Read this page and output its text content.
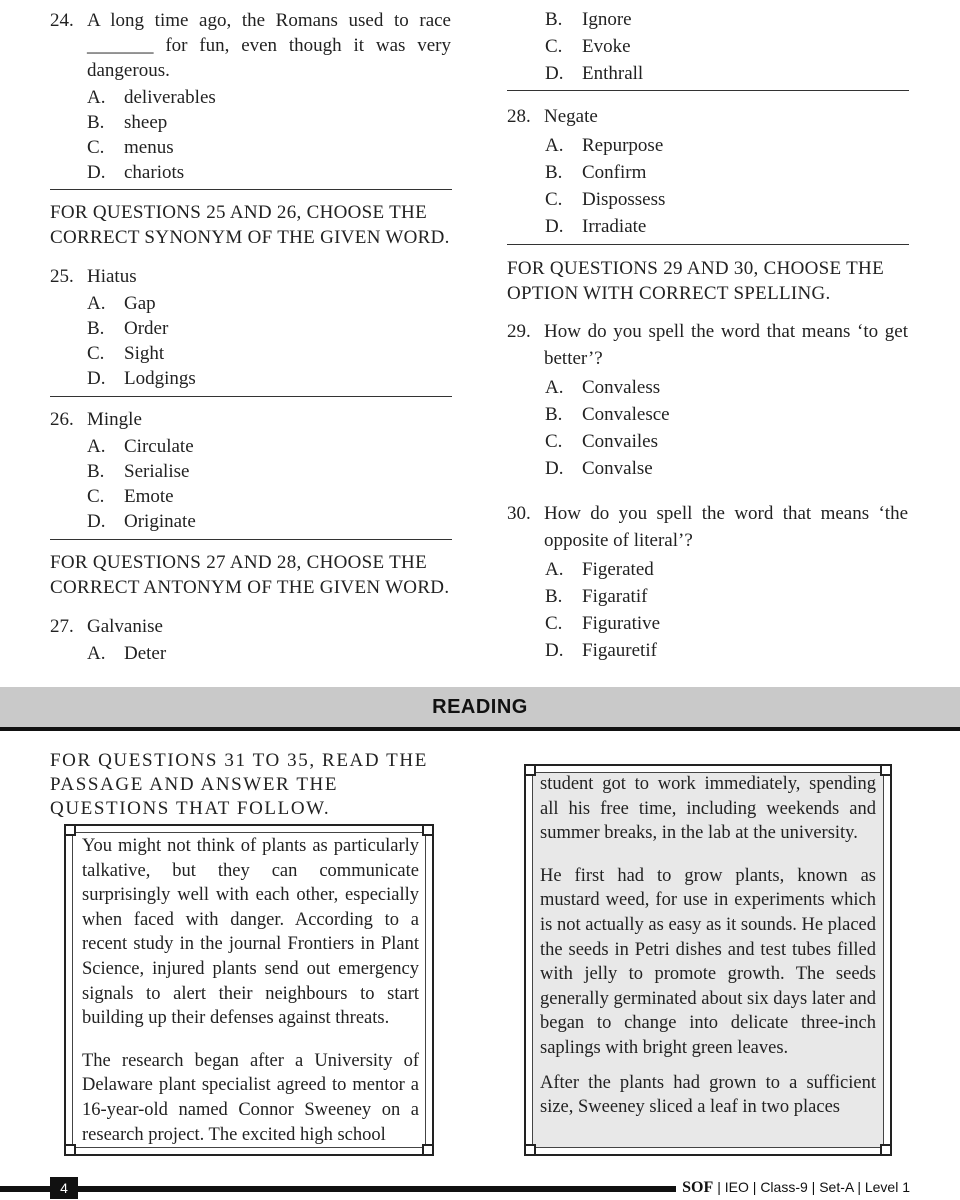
24. A long time ago, the Romans used to race _______ for fun, even though it was very dangerous.
A. deliverables
B. sheep
C. menus
D. chariots
FOR QUESTIONS 25 AND 26, CHOOSE THE CORRECT SYNONYM OF THE GIVEN WORD.
25. Hiatus
A. Gap
B. Order
C. Sight
D. Lodgings
26. Mingle
A. Circulate
B. Serialise
C. Emote
D. Originate
FOR QUESTIONS 27 AND 28, CHOOSE THE CORRECT ANTONYM OF THE GIVEN WORD.
27. Galvanise
A. Deter
B. Ignore
C. Evoke
D. Enthrall
28. Negate
A. Repurpose
B. Confirm
C. Dispossess
D. Irradiate
FOR QUESTIONS 29 AND 30, CHOOSE THE OPTION WITH CORRECT SPELLING.
29. How do you spell the word that means ‘to get better’?
A. Convaless
B. Convalesce
C. Convailes
D. Convalse
30. How do you spell the word that means ‘the opposite of literal’?
A. Figerated
B. Figaratif
C. Figurative
D. Figauretif
READING
FOR QUESTIONS 31 TO 35, READ THE PASSAGE AND ANSWER THE QUESTIONS THAT FOLLOW.

You might not think of plants as particularly talkative, but they can communicate surprisingly well with each other, especially when faced with danger. According to a recent study in the journal Frontiers in Plant Science, injured plants send out emergency signals to alert their neighbours to start building up their defenses against threats.

The research began after a University of Delaware plant specialist agreed to mentor a 16-year-old named Connor Sweeney on a research project. The excited high school

student got to work immediately, spending all his free time, including weekends and summer breaks, in the lab at the university.

He first had to grow plants, known as mustard weed, for use in experiments which is not actually as easy as it sounds. He placed the seeds in Petri dishes and test tubes filled with jelly to promote growth. The seeds generally germinated about six days later and began to change into delicate three-inch saplings with bright green leaves.

After the plants had grown to a sufficient size, Sweeney sliced a leaf in two places

4	SOF | IEO | Class-9 | Set-A | Level 1
